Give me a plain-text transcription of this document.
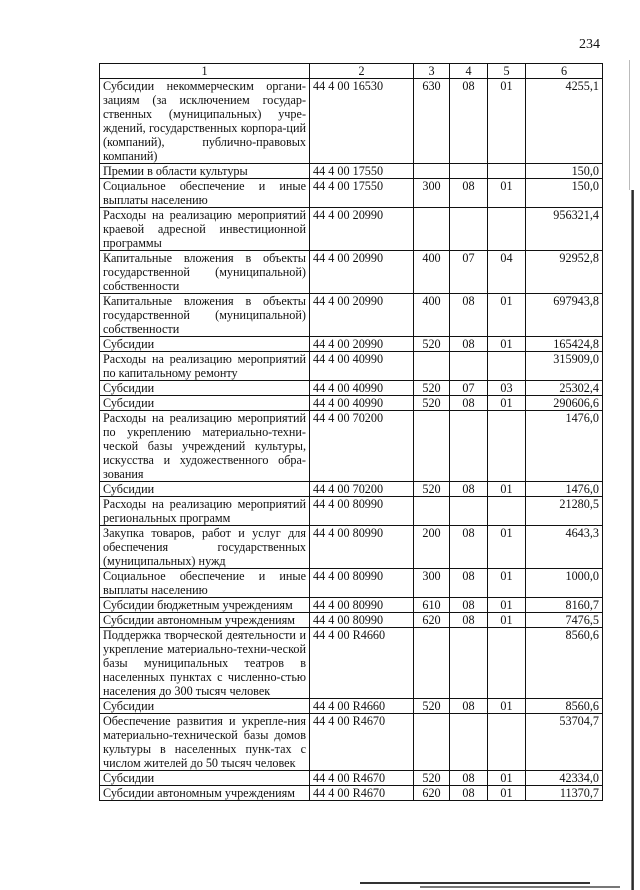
234
1	2	3	4	5	6
Субсидии некоммерческим органи-зациям (за исключением государ-ственных (муниципальных) учре-ждений, государственных корпора-ций (компаний), публично-правовых компаний)	44 4 00 16530	630	08	01	4255,1
Премии в области культуры	44 4 00 17550				150,0
Социальное обеспечение и иные выплаты населению	44 4 00 17550	300	08	01	150,0
Расходы на реализацию мероприятий краевой адресной инвестиционной программы	44 4 00 20990				956321,4
Капитальные вложения в объекты государственной (муниципальной) собственности	44 4 00 20990	400	07	04	92952,8
Капитальные вложения в объекты государственной (муниципальной) собственности	44 4 00 20990	400	08	01	697943,8
Субсидии	44 4 00 20990	520	08	01	165424,8
Расходы на реализацию мероприятий по капитальному ремонту	44 4 00 40990				315909,0
Субсидии	44 4 00 40990	520	07	03	25302,4
Субсидии	44 4 00 40990	520	08	01	290606,6
Расходы на реализацию мероприятий по укреплению материально-техни-ческой базы учреждений культуры, искусства и художественного обра-зования	44 4 00 70200				1476,0
Субсидии	44 4 00 70200	520	08	01	1476,0
Расходы на реализацию мероприятий региональных программ	44 4 00 80990				21280,5
Закупка товаров, работ и услуг для обеспечения государственных (муниципальных) нужд	44 4 00 80990	200	08	01	4643,3
Социальное обеспечение и иные выплаты населению	44 4 00 80990	300	08	01	1000,0
Субсидии бюджетным учреждениям	44 4 00 80990	610	08	01	8160,7
Субсидии автономным учреждениям	44 4 00 80990	620	08	01	7476,5
Поддержка творческой деятельности и укрепление материально-техни-ческой базы муниципальных театров в населенных пунктах с численно-стью населения до 300 тысяч человек	44 4 00 R4660				8560,6
Субсидии	44 4 00 R4660	520	08	01	8560,6
Обеспечение развития и укрепле-ния материально-технической базы домов культуры в населенных пунк-тах с числом жителей до 50 тысяч человек	44 4 00 R4670				53704,7
Субсидии	44 4 00 R4670	520	08	01	42334,0
Субсидии автономным учреждениям	44 4 00 R4670	620	08	01	11370,7
